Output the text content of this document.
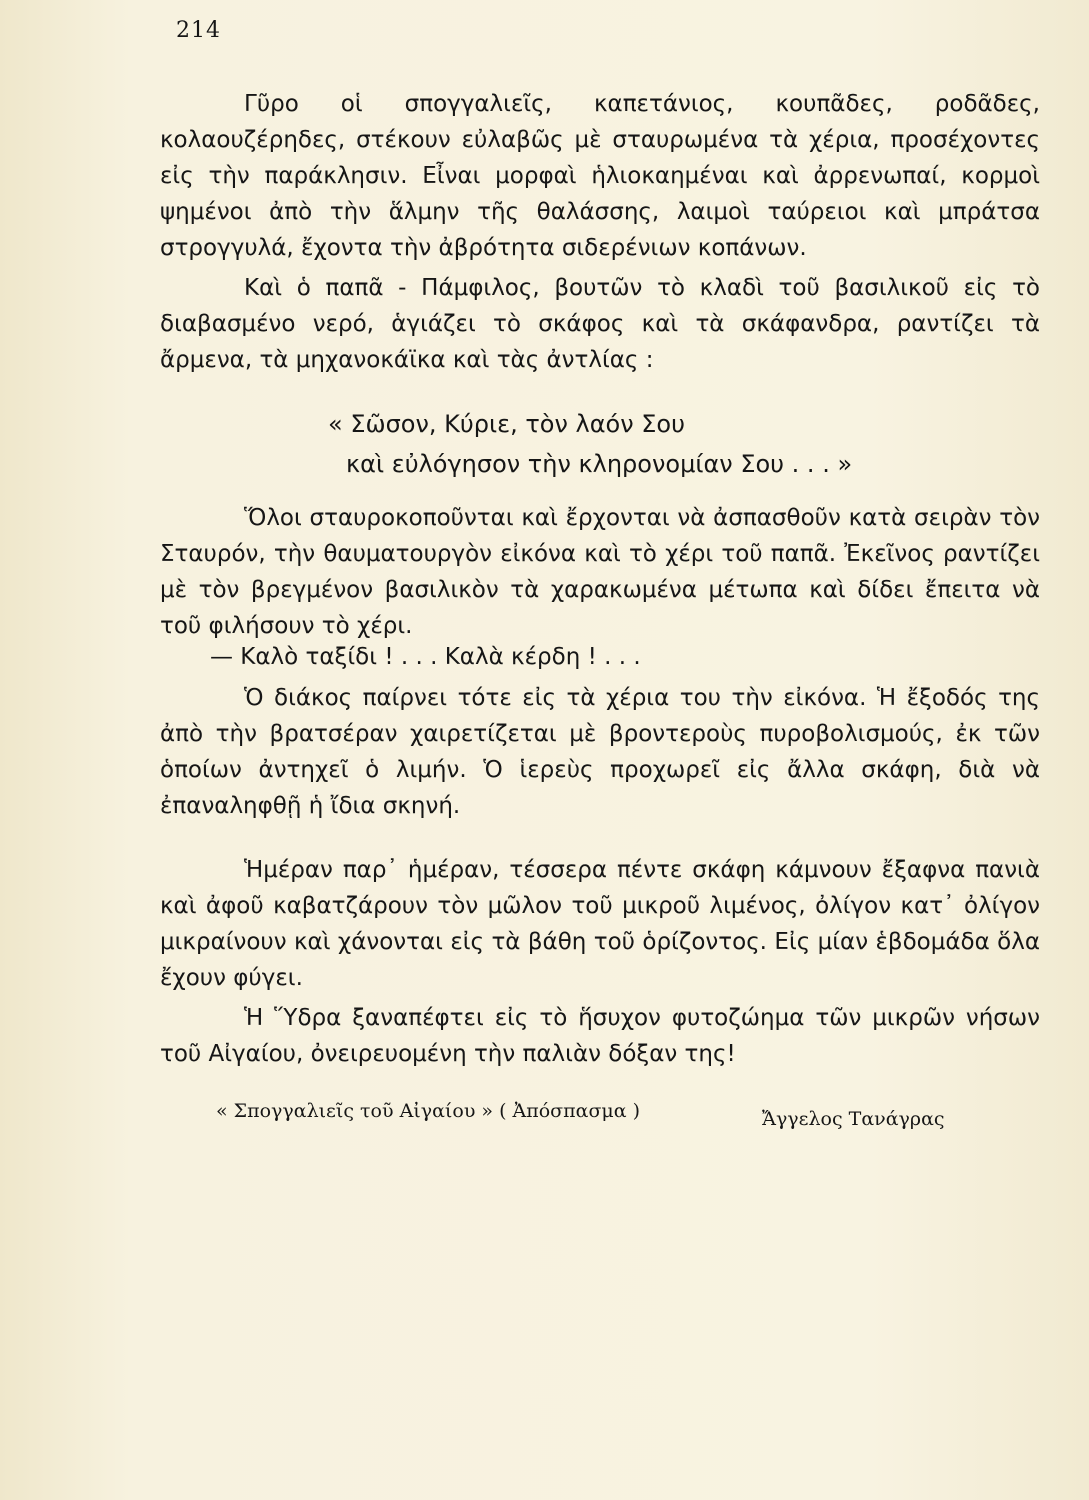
214

Γῦρο οἱ σπογγαλιεῖς, καπετάνιος, κουπᾶδες, ροδᾶδες, κολαουζέρηδες, στέκουν εὐλαβῶς μὲ σταυρωμένα τὰ χέρια, προσέχοντες εἰς τὴν παράκλησιν. Εἶναι μορφαὶ ἡλιοκαημέναι καὶ ἀρρενωπαί, κορμοὶ ψημένοι ἀπὸ τὴν ἅλμην τῆς θαλάσσης, λαιμοὶ ταύρειοι καὶ μπράτσα στρογγυλά, ἔχοντα τὴν ἀβρότητα σιδερένιων κοπάνων.

Καὶ ὁ παπᾶ - Πάμφιλος, βουτῶν τὸ κλαδὶ τοῦ βασιλικοῦ εἰς τὸ διαβασμένο νερό, ἁγιάζει τὸ σκάφος καὶ τὰ σκάφανδρα, ραντίζει τὰ ἄρμενα, τὰ μηχανοκάϊκα καὶ τὰς ἀντλίας :

« Σῶσον, Κύριε, τὸν λαόν Σου
καὶ εὐλόγησον τὴν κληρονομίαν Σου . . . »

Ὅλοι σταυροκοποῦνται καὶ ἔρχονται νὰ ἀσπασθοῦν κατὰ σειρὰν τὸν Σταυρόν, τὴν θαυματουργὸν εἰκόνα καὶ τὸ χέρι τοῦ παπᾶ. Ἐκεῖνος ραντίζει μὲ τὸν βρεγμένον βασιλικὸν τὰ χαρακωμένα μέτωπα καὶ δίδει ἔπειτα νὰ τοῦ φιλήσουν τὸ χέρι.

— Καλὸ ταξίδι ! . . . Καλὰ κέρδη ! . . .

Ὁ διάκος παίρνει τότε εἰς τὰ χέρια του τὴν εἰκόνα. Ἡ ἔξοδός της ἀπὸ τὴν βρατσέραν χαιρετίζεται μὲ βροντεροὺς πυροβολισμούς, ἐκ τῶν ὁποίων ἀντηχεῖ ὁ λιμήν. Ὁ ἱερεὺς προχωρεῖ εἰς ἄλλα σκάφη, διὰ νὰ ἐπαναληφθῇ ἡ ἴδια σκηνή.

Ἡμέραν παρ᾽ ἡμέραν, τέσσερα πέντε σκάφη κάμνουν ἔξαφνα πανιὰ καὶ ἀφοῦ καβατζάρουν τὸν μῶλον τοῦ μικροῦ λιμένος, ὀλίγον κατ᾽ ὀλίγον μικραίνουν καὶ χάνονται εἰς τὰ βάθη τοῦ ὁρίζοντος. Εἰς μίαν ἑβδομάδα ὅλα ἔχουν φύγει.

Ἡ Ὕδρα ξαναπέφτει εἰς τὸ ἥσυχον φυτοζώημα τῶν μικρῶν νήσων τοῦ Αἰγαίου, ὀνειρευομένη τὴν παλιὰν δόξαν της!

« Σπογγαλιεῖς τοῦ Αἰγαίου » ( Ἀπόσπασμα )	Ἄγγελος Τανάγρας
